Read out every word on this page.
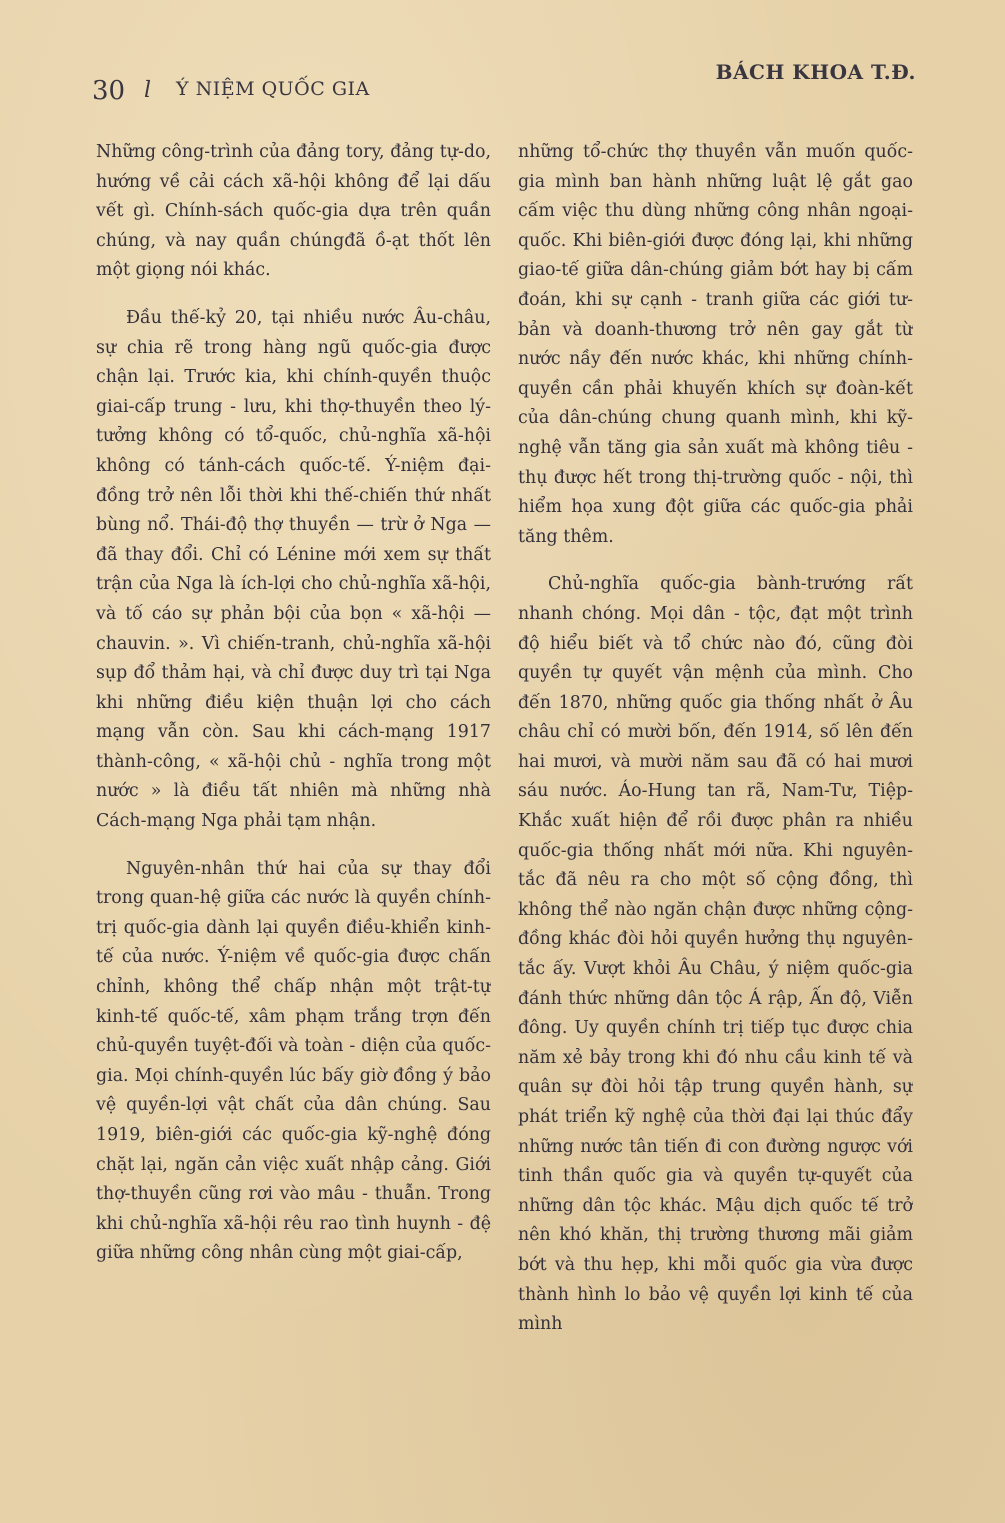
30 l Ý NIỆM QUỐC GIA
BÁCH KHOA T.Đ.

Những công-trình của đảng tory, đảng tự-do, hướng về cải cách xã-hội không để lại dấu vết gì. Chính-sách quốc-gia dựa trên quần chúng, và nay quần chúngđã ồ-ạt thốt lên một giọng nói khác.

Đầu thế-kỷ 20, tại nhiều nước Âu-châu, sự chia rẽ trong hàng ngũ quốc-gia được chận lại. Trước kia, khi chính-quyền thuộc giai-cấp trung - lưu, khi thợ-thuyền theo lý-tưởng không có tổ-quốc, chủ-nghĩa xã-hội không có tánh-cách quốc-tế. Ý-niệm đại-đồng trở nên lỗi thời khi thế-chiến thứ nhất bùng nổ. Thái-độ thợ thuyền — trừ ở Nga — đã thay đổi. Chỉ có Lénine mới xem sự thất trận của Nga là ích-lợi cho chủ-nghĩa xã-hội, và tố cáo sự phản bội của bọn « xã-hội — chauvin. ». Vì chiến-tranh, chủ-nghĩa xã-hội sụp đổ thảm hại, và chỉ được duy trì tại Nga khi những điều kiện thuận lợi cho cách mạng vẫn còn. Sau khi cách-mạng 1917 thành-công, « xã-hội chủ - nghĩa trong một nước » là điều tất nhiên mà những nhà Cách-mạng Nga phải tạm nhận.

Nguyên-nhân thứ hai của sự thay đổi trong quan-hệ giữa các nước là quyền chính-trị quốc-gia dành lại quyền điều-khiển kinh-tế của nước. Ý-niệm về quốc-gia được chấn chỉnh, không thể chấp nhận một trật-tự kinh-tế quốc-tế, xâm phạm trắng trợn đến chủ-quyền tuyệt-đối và toàn - diện của quốc-gia. Mọi chính-quyền lúc bấy giờ đồng ý bảo vệ quyền-lợi vật chất của dân chúng. Sau 1919, biên-giới các quốc-gia kỹ-nghệ đóng chặt lại, ngăn cản việc xuất nhập cảng. Giới thợ-thuyền cũng rơi vào mâu - thuẫn. Trong khi chủ-nghĩa xã-hội rêu rao tình huynh - đệ giữa những công nhân cùng một giai-cấp,

những tổ-chức thợ thuyền vẫn muốn quốc-gia mình ban hành những luật lệ gắt gao cấm việc thu dùng những công nhân ngoại-quốc. Khi biên-giới được đóng lại, khi những giao-tế giữa dân-chúng giảm bớt hay bị cấm đoán, khi sự cạnh - tranh giữa các giới tư-bản và doanh-thương trở nên gay gắt từ nước nầy đến nước khác, khi những chính-quyền cần phải khuyến khích sự đoàn-kết của dân-chúng chung quanh mình, khi kỹ-nghệ vẫn tăng gia sản xuất mà không tiêu - thụ được hết trong thị-trường quốc - nội, thì hiểm họa xung đột giữa các quốc-gia phải tăng thêm.

Chủ-nghĩa quốc-gia bành-trướng rất nhanh chóng. Mọi dân - tộc, đạt một trình độ hiểu biết và tổ chức nào đó, cũng đòi quyền tự quyết vận mệnh của mình. Cho đến 1870, những quốc gia thống nhất ở Âu châu chỉ có mười bốn, đến 1914, số lên đến hai mươi, và mười năm sau đã có hai mươi sáu nước. Áo-Hung tan rã, Nam-Tư, Tiệp-Khắc xuất hiện để rồi được phân ra nhiều quốc-gia thống nhất mới nữa. Khi nguyên-tắc đã nêu ra cho một số cộng đồng, thì không thể nào ngăn chận được những cộng-đồng khác đòi hỏi quyền hưởng thụ nguyên-tắc ấy. Vượt khỏi Âu Châu, ý niệm quốc-gia đánh thức những dân tộc Á rập, Ấn độ, Viễn đông. Uy quyền chính trị tiếp tục được chia năm xẻ bảy trong khi đó nhu cầu kinh tế và quân sự đòi hỏi tập trung quyền hành, sự phát triển kỹ nghệ của thời đại lại thúc đẩy những nước tân tiến đi con đường ngược với tinh thần quốc gia và quyền tự-quyết của những dân tộc khác. Mậu dịch quốc tế trở nên khó khăn, thị trường thương mãi giảm bớt và thu hẹp, khi mỗi quốc gia vừa được thành hình lo bảo vệ quyền lợi kinh tế của mình
